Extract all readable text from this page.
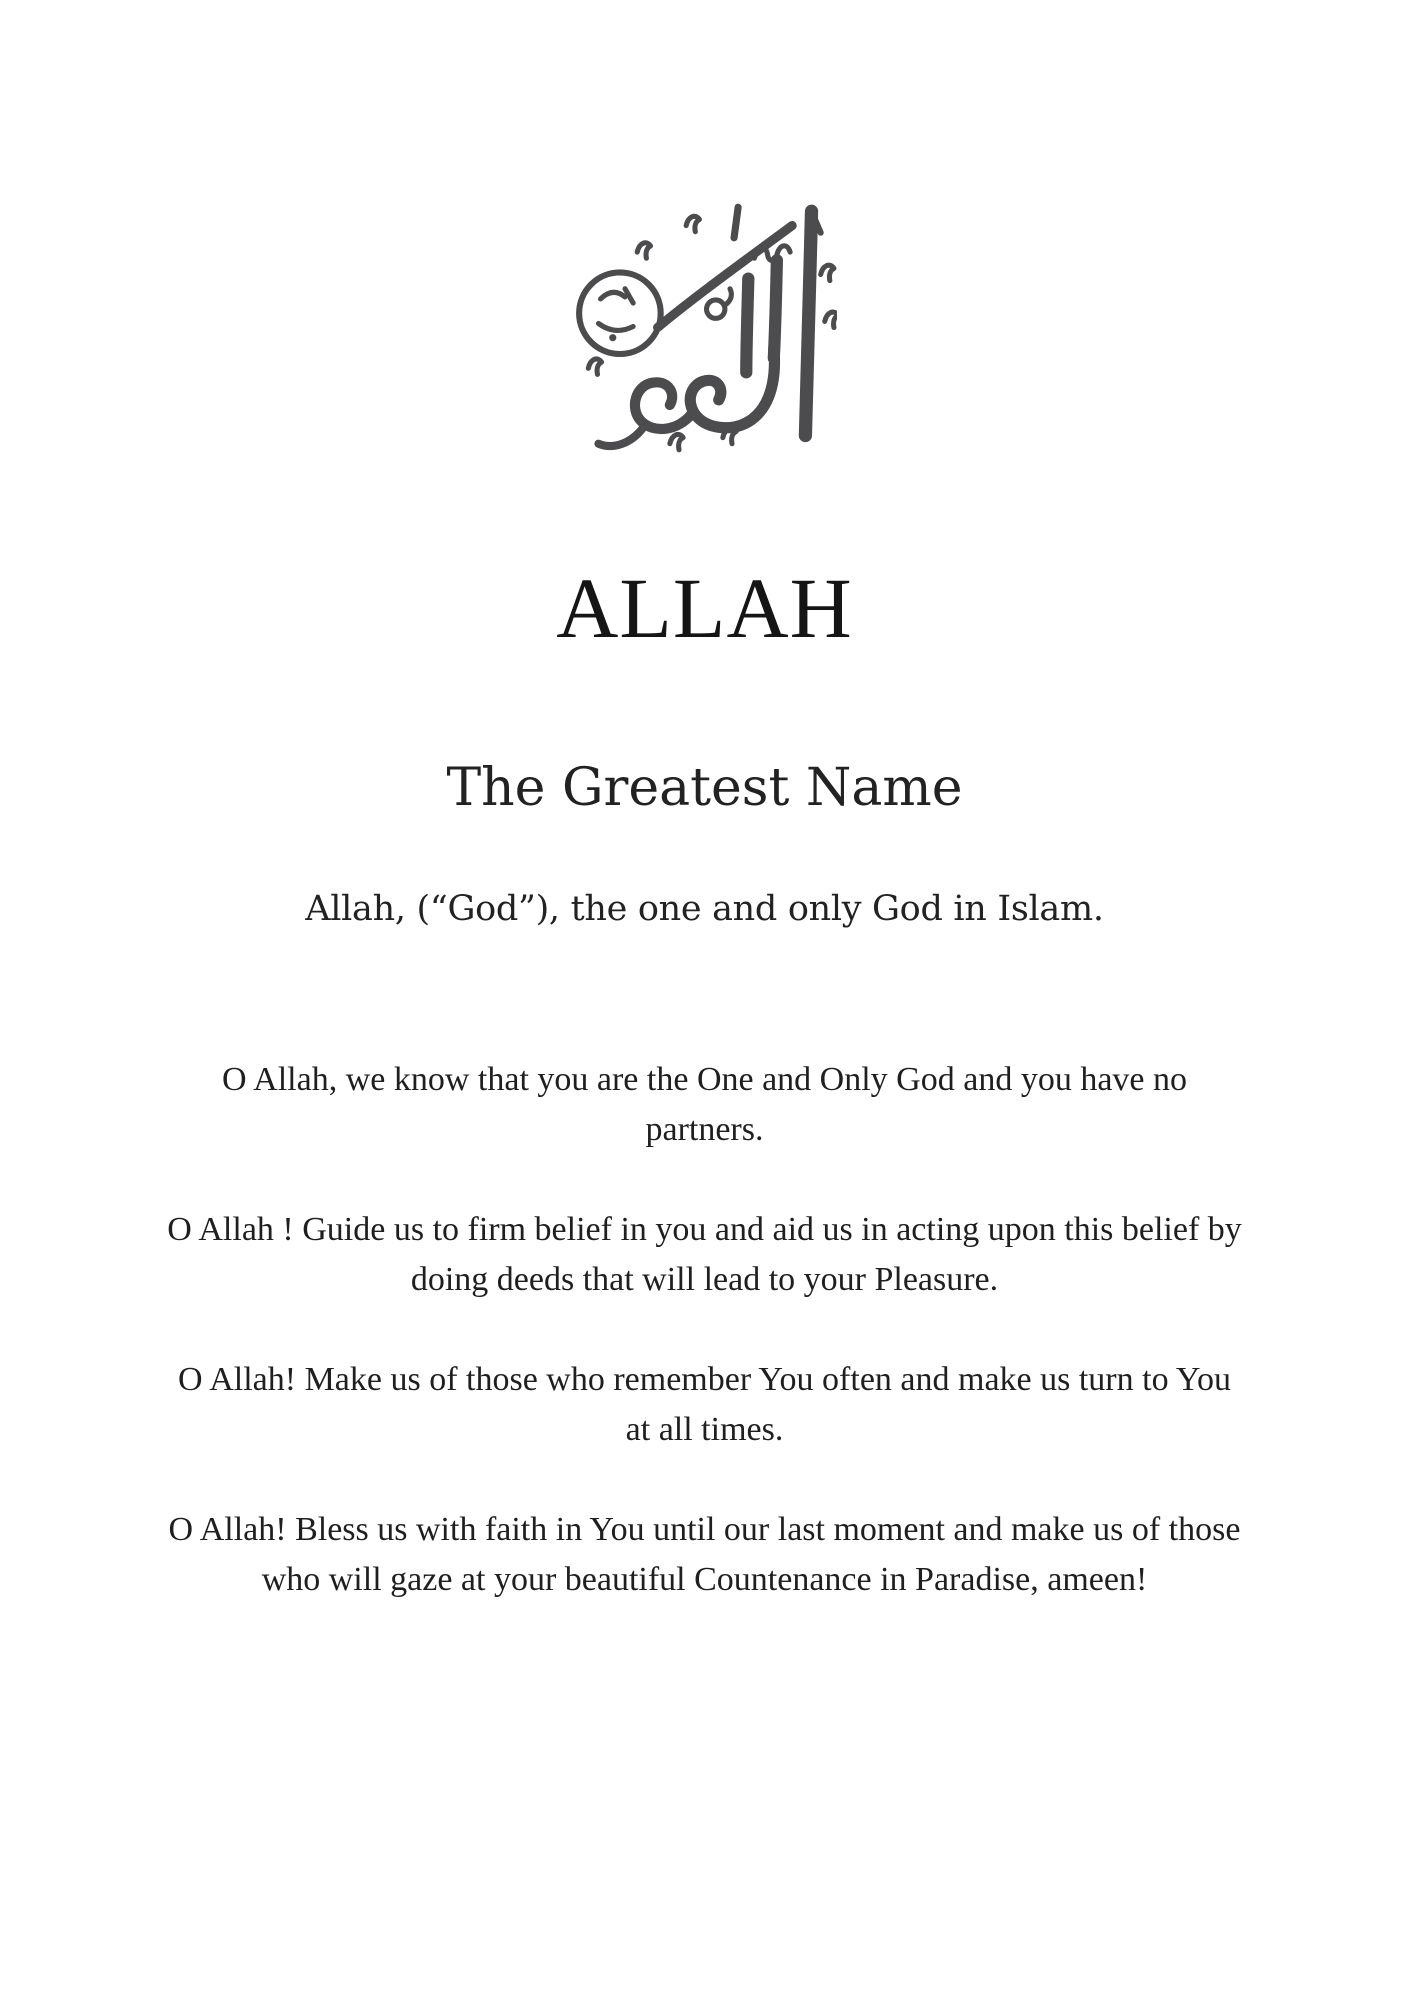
ALLAH
The Greatest Name

Allah, (“God”), the one and only God in Islam.

O Allah, we know that you are the One and Only God and you have no partners.

O Allah ! Guide us to firm belief in you and aid us in acting upon this belief by doing deeds that will lead to your Pleasure.

O Allah! Make us of those who remember You often and make us turn to You at all times.

O Allah! Bless us with faith in You until our last moment and make us of those who will gaze at your beautiful Countenance in Paradise, ameen!
